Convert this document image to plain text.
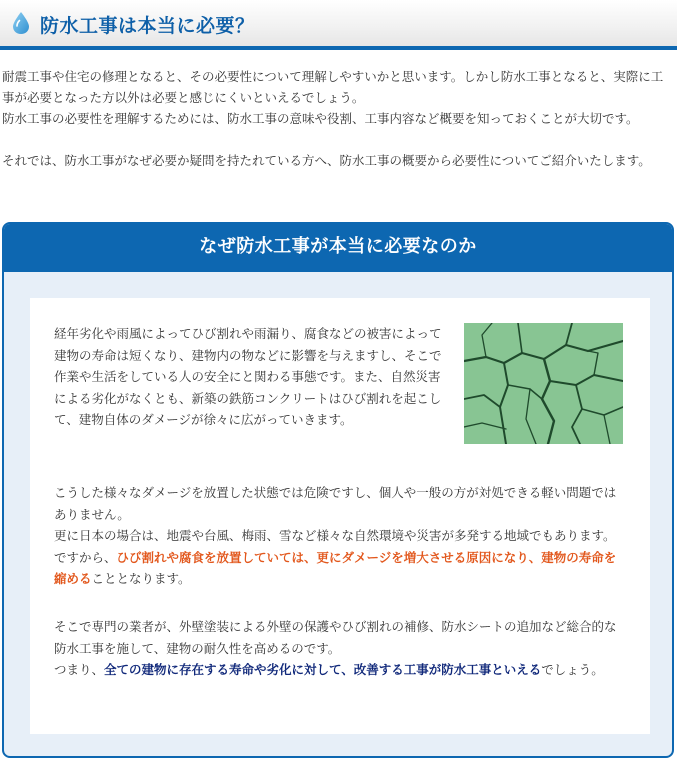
防水工事は本当に必要？

耐震工事や住宅の修理となると、その必要性について理解しやすいかと思います。しかし防水工事となると、実際に工事が必要となった方以外は必要と感じにくいといえるでしょう。

防水工事の必要性を理解するためには、防水工事の意味や役割、工事内容など概要を知っておくことが大切です。

それでは、防水工事がなぜ必要か疑問を持たれている方へ、防水工事の概要から必要性についてご紹介いたします。

なぜ防水工事が本当に必要なのか

経年劣化や雨風によってひび割れや雨漏り、腐食などの被害によって建物の寿命は短くなり、建物内の物などに影響を与えますし、そこで作業や生活をしている人の安全にと関わる事態です。また、自然災害による劣化がなくとも、新築の鉄筋コンクリートはひび割れを起こして、建物自体のダメージが徐々に広がっていきます。

こうした様々なダメージを放置した状態では危険ですし、個人や一般の方が対処できる軽い問題ではありません。
更に日本の場合は、地震や台風、梅雨、雪など様々な自然環境や災害が多発する地域でもあります。ですから、ひび割れや腐食を放置していては、更にダメージを増大させる原因になり、建物の寿命を縮めることとなります。

そこで専門の業者が、外壁塗装による外壁の保護やひび割れの補修、防水シートの追加など総合的な防水工事を施して、建物の耐久性を高めるのです。
つまり、全ての建物に存在する寿命や劣化に対して、改善する工事が防水工事といえるでしょう。
